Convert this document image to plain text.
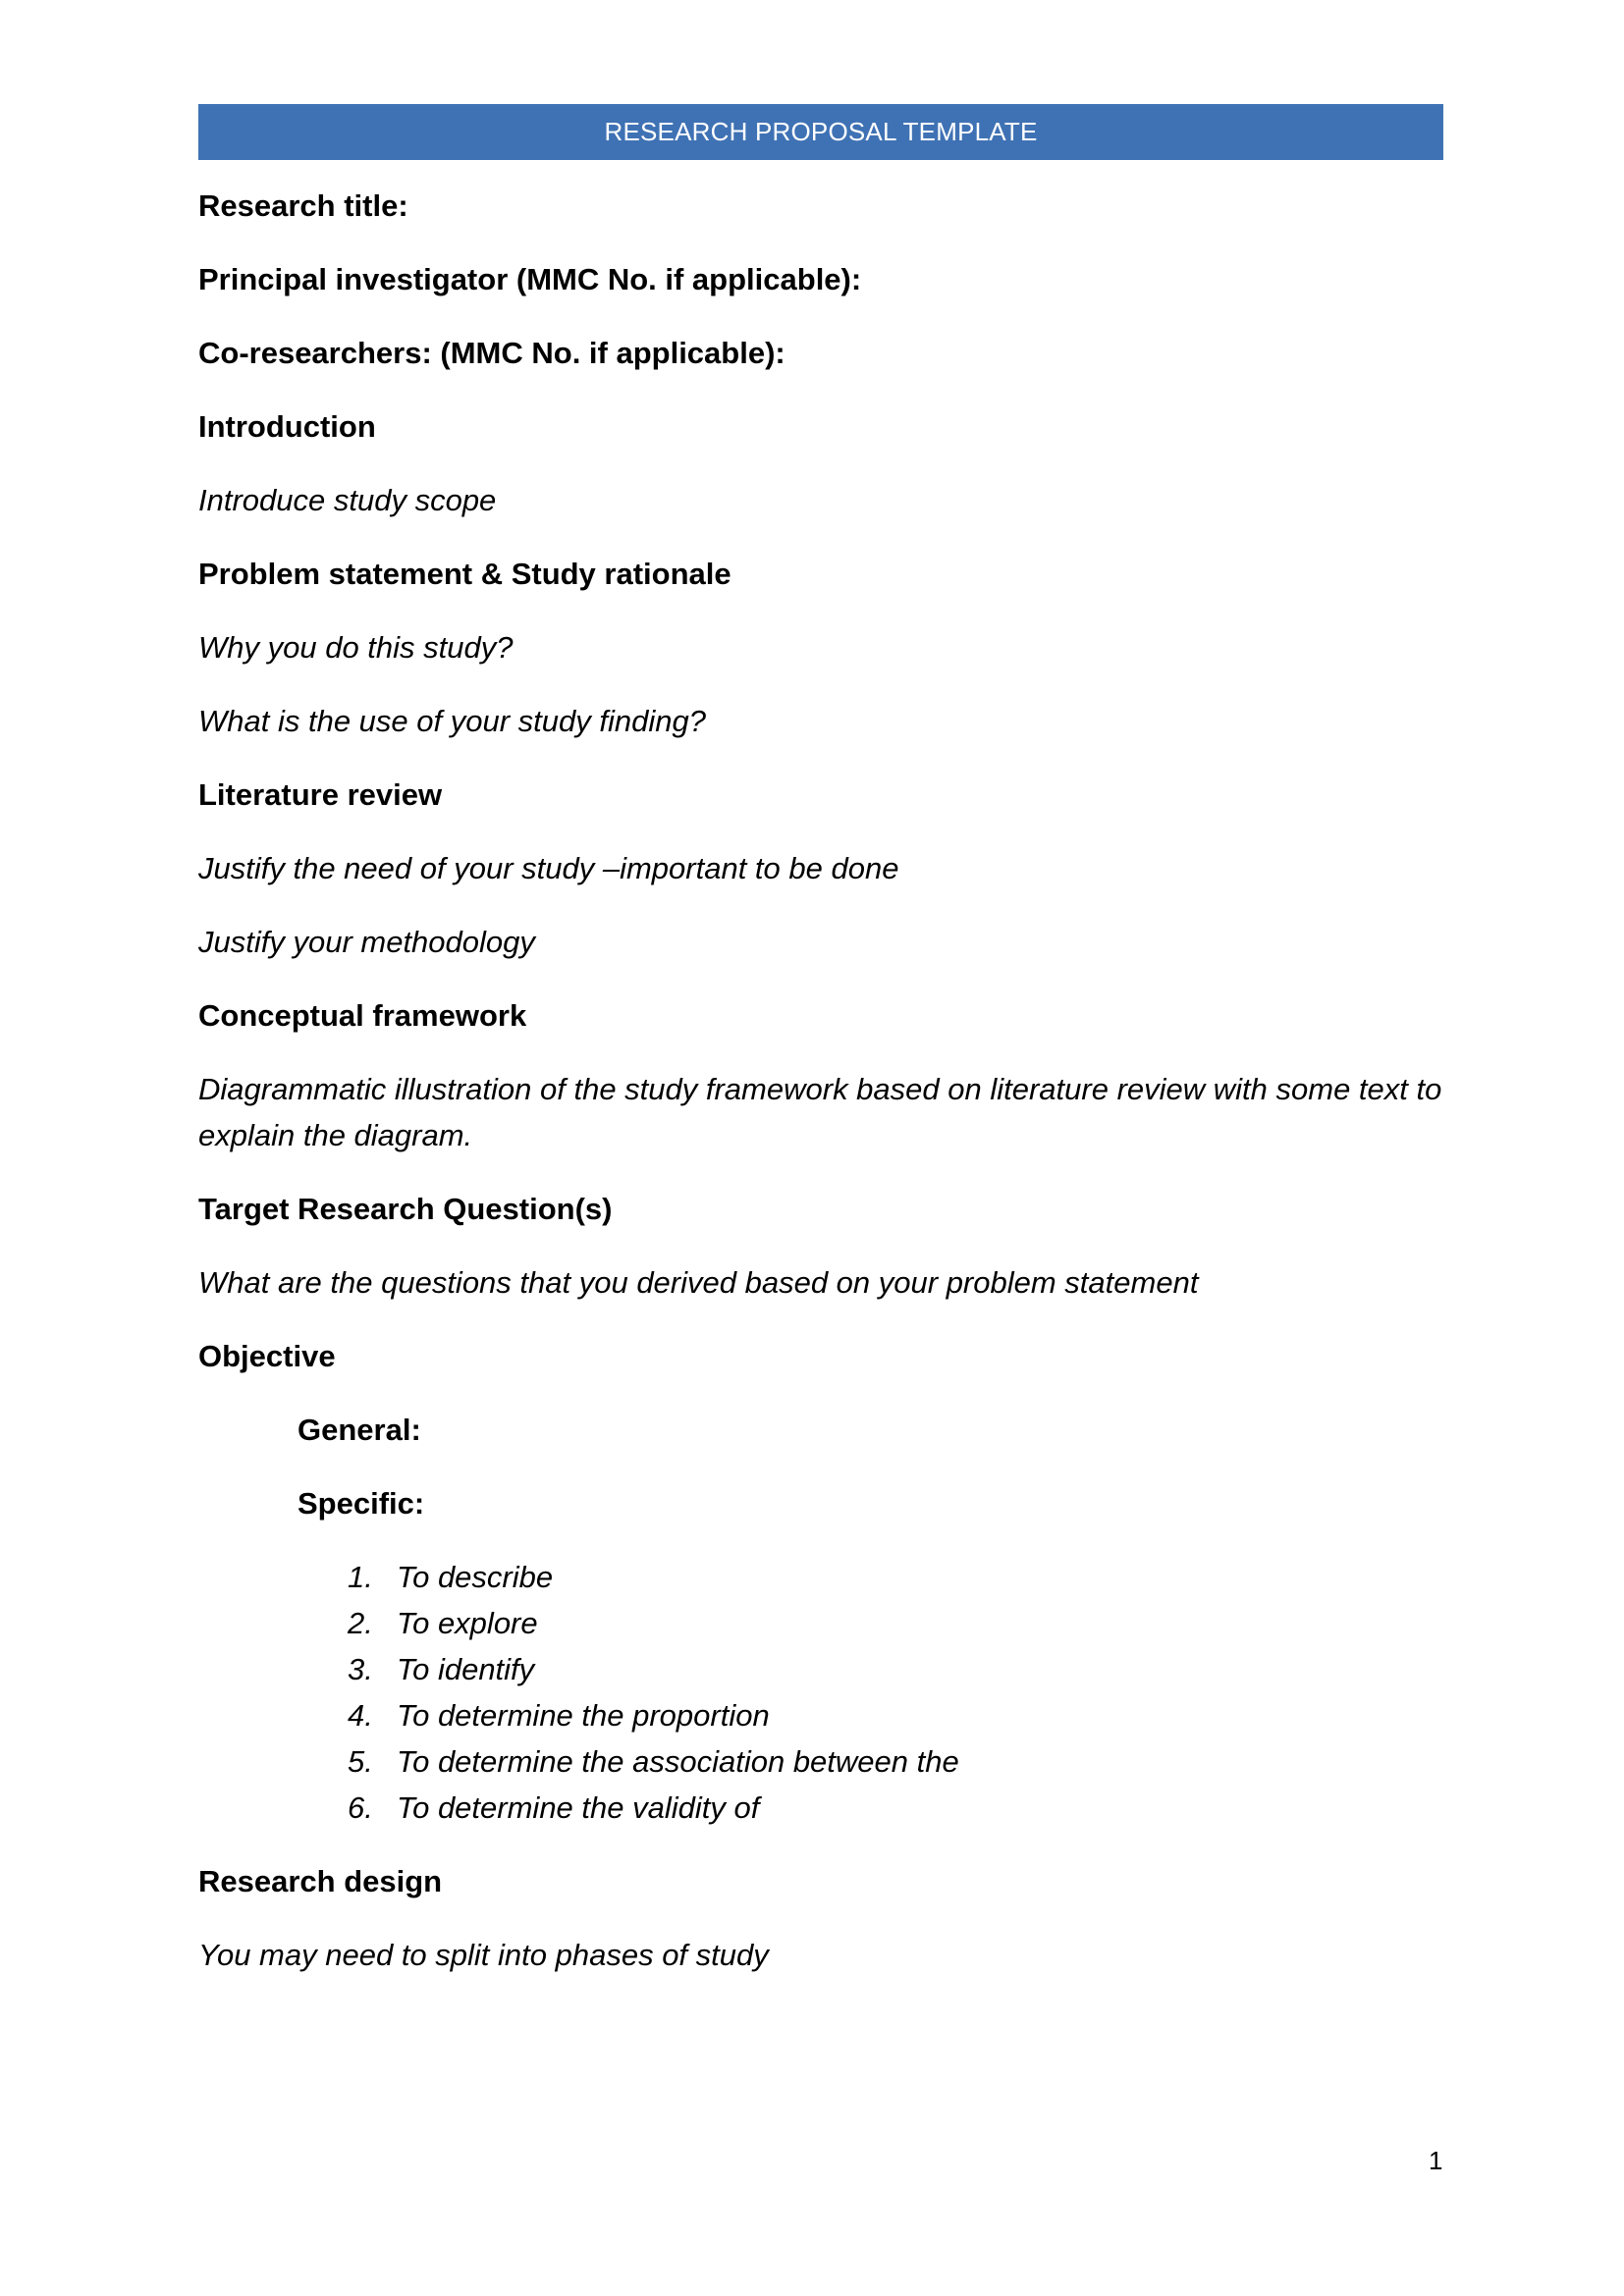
RESEARCH PROPOSAL TEMPLATE
Research title:
Principal investigator (MMC No. if applicable):
Co-researchers: (MMC No. if applicable):
Introduction
Introduce study scope
Problem statement & Study rationale
Why you do this study?
What is the use of your study finding?
Literature review
Justify the need of your study –important to be done
Justify your methodology
Conceptual framework
Diagrammatic illustration of the study framework based on literature review with some text to explain the diagram.
Target Research Question(s)
What are the questions that you derived based on your problem statement
Objective
General:
Specific:
1. To describe
2. To explore
3. To identify
4. To determine the proportion
5. To determine the association between the
6. To determine the validity of
Research design
You may need to split into phases of study
1
